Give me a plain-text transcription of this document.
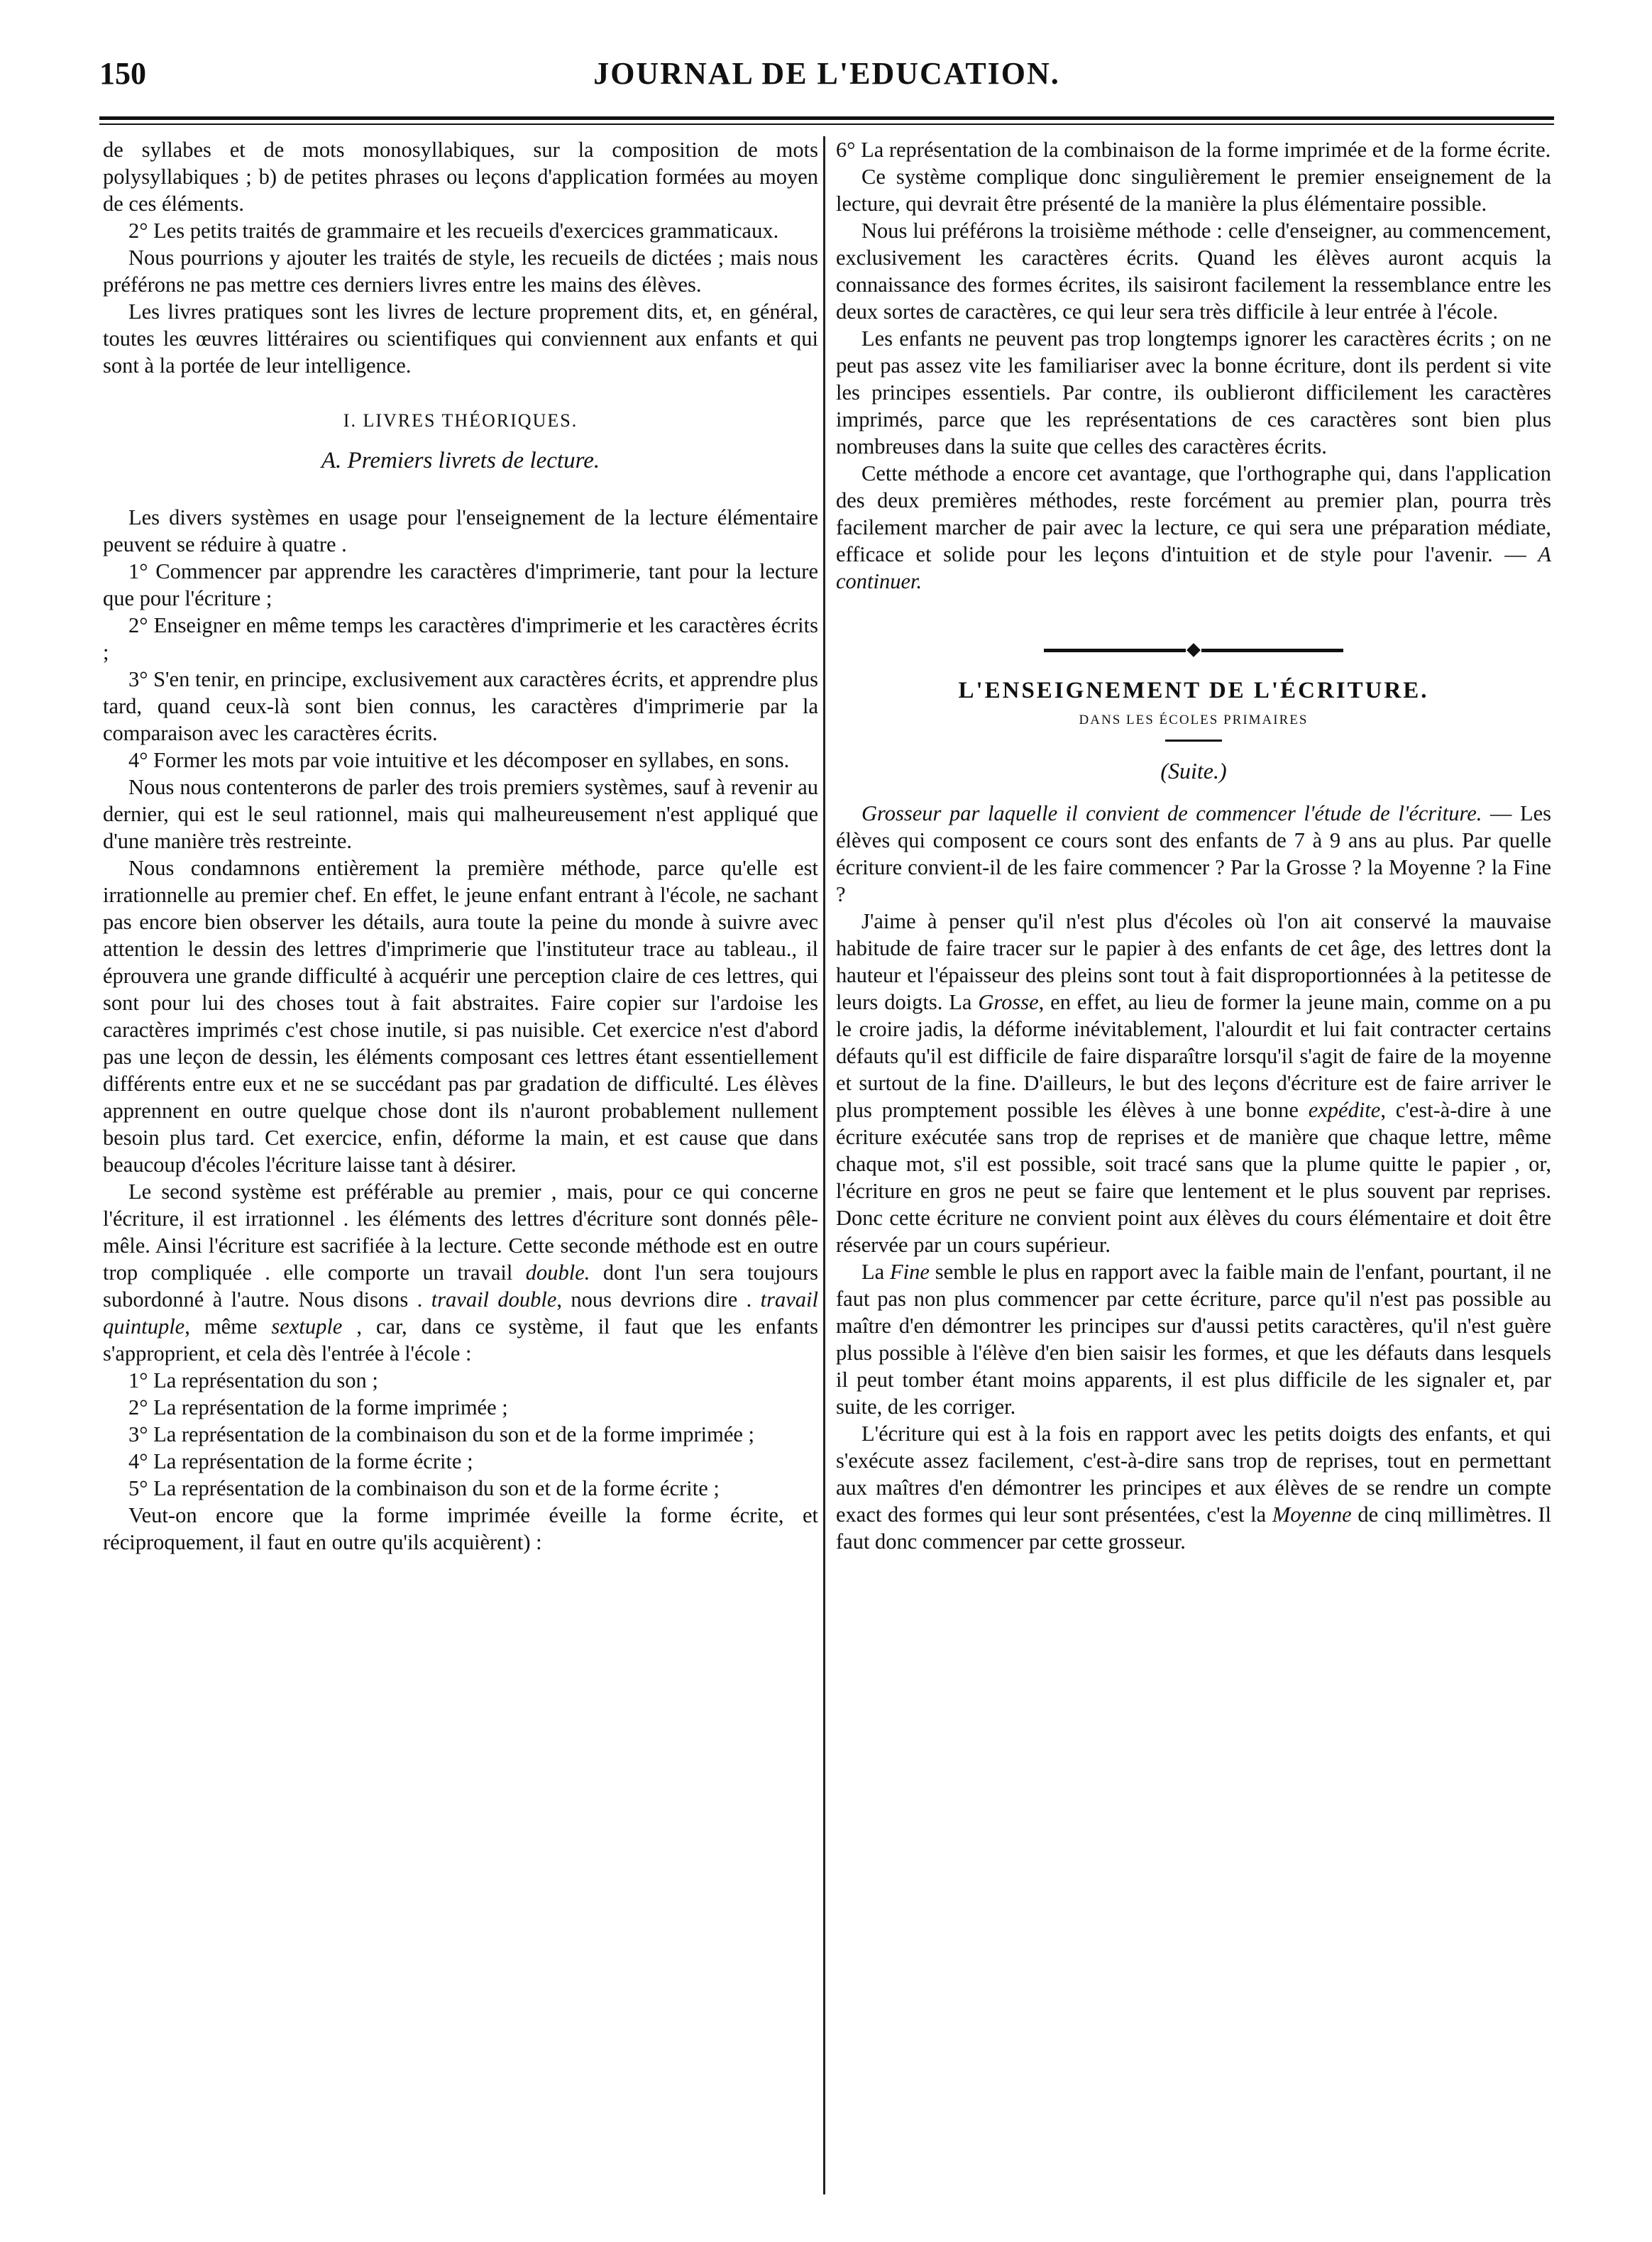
150	JOURNAL DE L'EDUCATION.

de syllabes et de mots monosyllabiques, sur la composition de mots polysyllabiques ; b) de petites phrases ou leçons d'application formées au moyen de ces éléments.

2° Les petits traités de grammaire et les recueils d'exercices grammaticaux.

Nous pourrions y ajouter les traités de style, les recueils de dictées ; mais nous préférons ne pas mettre ces derniers livres entre les mains des élèves.

Les livres pratiques sont les livres de lecture proprement dits, et, en général, toutes les œuvres littéraires ou scientifiques qui conviennent aux enfants et qui sont à la portée de leur intelligence.

I. LIVRES THÉORIQUES.

A. Premiers livrets de lecture.

Les divers systèmes en usage pour l'enseignement de la lecture élémentaire peuvent se réduire à quatre .

1° Commencer par apprendre les caractères d'imprimerie, tant pour la lecture que pour l'écriture ;

2° Enseigner en même temps les caractères d'imprimerie et les caractères écrits ;

3° S'en tenir, en principe, exclusivement aux caractères écrits, et apprendre plus tard, quand ceux-là sont bien connus, les caractères d'imprimerie par la comparaison avec les caractères écrits.

4° Former les mots par voie intuitive et les décomposer en syllabes, en sons.

Nous nous contenterons de parler des trois premiers systèmes, sauf à revenir au dernier, qui est le seul rationnel, mais qui malheureusement n'est appliqué que d'une manière très restreinte.

Nous condamnons entièrement la première méthode, parce qu'elle est irrationnelle au premier chef. En effet, le jeune enfant entrant à l'école, ne sachant pas encore bien observer les détails, aura toute la peine du monde à suivre avec attention le dessin des lettres d'imprimerie que l'instituteur trace au tableau., il éprouvera une grande difficulté à acquérir une perception claire de ces lettres, qui sont pour lui des choses tout à fait abstraites. Faire copier sur l'ardoise les caractères imprimés c'est chose inutile, si pas nuisible. Cet exercice n'est d'abord pas une leçon de dessin, les éléments composant ces lettres étant essentiellement différents entre eux et ne se succédant pas par gradation de difficulté. Les élèves apprennent en outre quelque chose dont ils n'auront probablement nullement besoin plus tard. Cet exercice, enfin, déforme la main, et est cause que dans beaucoup d'écoles l'écriture laisse tant à désirer.

Le second système est préférable au premier , mais, pour ce qui concerne l'écriture, il est irrationnel . les éléments des lettres d'écriture sont donnés pêle-mêle. Ainsi l'écriture est sacrifiée à la lecture. Cette seconde méthode est en outre trop compliquée . elle comporte un travail double. dont l'un sera toujours subordonné à l'autre. Nous disons . travail double, nous devrions dire . travail quintuple, même sextuple , car, dans ce système, il faut que les enfants s'approprient, et cela dès l'entrée à l'école :

1° La représentation du son ;

2° La représentation de la forme imprimée ;

3° La représentation de la combinaison du son et de la forme imprimée ;

4° La représentation de la forme écrite ;

5° La représentation de la combinaison du son et de la forme écrite ;

Veut-on encore que la forme imprimée éveille la forme écrite, et réciproquement, il faut en outre qu'ils acquièrent) :

6° La représentation de la combinaison de la forme imprimée et de la forme écrite.

Ce système complique donc singulièrement le premier enseignement de la lecture, qui devrait être présenté de la manière la plus élémentaire possible.

Nous lui préférons la troisième méthode : celle d'enseigner, au commencement, exclusivement les caractères écrits. Quand les élèves auront acquis la connaissance des formes écrites, ils saisiront facilement la ressemblance entre les deux sortes de caractères, ce qui leur sera très difficile à leur entrée à l'école.

Les enfants ne peuvent pas trop longtemps ignorer les caractères écrits ; on ne peut pas assez vite les familiariser avec la bonne écriture, dont ils perdent si vite les principes essentiels. Par contre, ils oublieront difficilement les caractères imprimés, parce que les représentations de ces caractères sont bien plus nombreuses dans la suite que celles des caractères écrits.

Cette méthode a encore cet avantage, que l'orthographe qui, dans l'application des deux premières méthodes, reste forcément au premier plan, pourra très facilement marcher de pair avec la lecture, ce qui sera une préparation médiate, efficace et solide pour les leçons d'intuition et de style pour l'avenir. — A continuer.

L'ENSEIGNEMENT DE L'ÉCRITURE.

DANS LES ÉCOLES PRIMAIRES

(Suite.)

Grosseur par laquelle il convient de commencer l'étude de l'écriture. — Les élèves qui composent ce cours sont des enfants de 7 à 9 ans au plus. Par quelle écriture convient-il de les faire commencer ? Par la Grosse ? la Moyenne ? la Fine ?

J'aime à penser qu'il n'est plus d'écoles où l'on ait conservé la mauvaise habitude de faire tracer sur le papier à des enfants de cet âge, des lettres dont la hauteur et l'épaisseur des pleins sont tout à fait disproportionnées à la petitesse de leurs doigts. La Grosse, en effet, au lieu de former la jeune main, comme on a pu le croire jadis, la déforme inévitablement, l'alourdit et lui fait contracter certains défauts qu'il est difficile de faire disparaître lorsqu'il s'agit de faire de la moyenne et surtout de la fine. D'ailleurs, le but des leçons d'écriture est de faire arriver le plus promptement possible les élèves à une bonne expédite, c'est-à-dire à une écriture exécutée sans trop de reprises et de manière que chaque lettre, même chaque mot, s'il est possible, soit tracé sans que la plume quitte le papier , or, l'écriture en gros ne peut se faire que lentement et le plus souvent par reprises. Donc cette écriture ne convient point aux élèves du cours élémentaire et doit être réservée par un cours supérieur.

La Fine semble le plus en rapport avec la faible main de l'enfant, pourtant, il ne faut pas non plus commencer par cette écriture, parce qu'il n'est pas possible au maître d'en démontrer les principes sur d'aussi petits caractères, qu'il n'est guère plus possible à l'élève d'en bien saisir les formes, et que les défauts dans lesquels il peut tomber étant moins apparents, il est plus difficile de les signaler et, par suite, de les corriger.

L'écriture qui est à la fois en rapport avec les petits doigts des enfants, et qui s'exécute assez facilement, c'est-à-dire sans trop de reprises, tout en permettant aux maîtres d'en démontrer les principes et aux élèves de se rendre un compte exact des formes qui leur sont présentées, c'est la Moyenne de cinq millimètres. Il faut donc commencer par cette grosseur.
